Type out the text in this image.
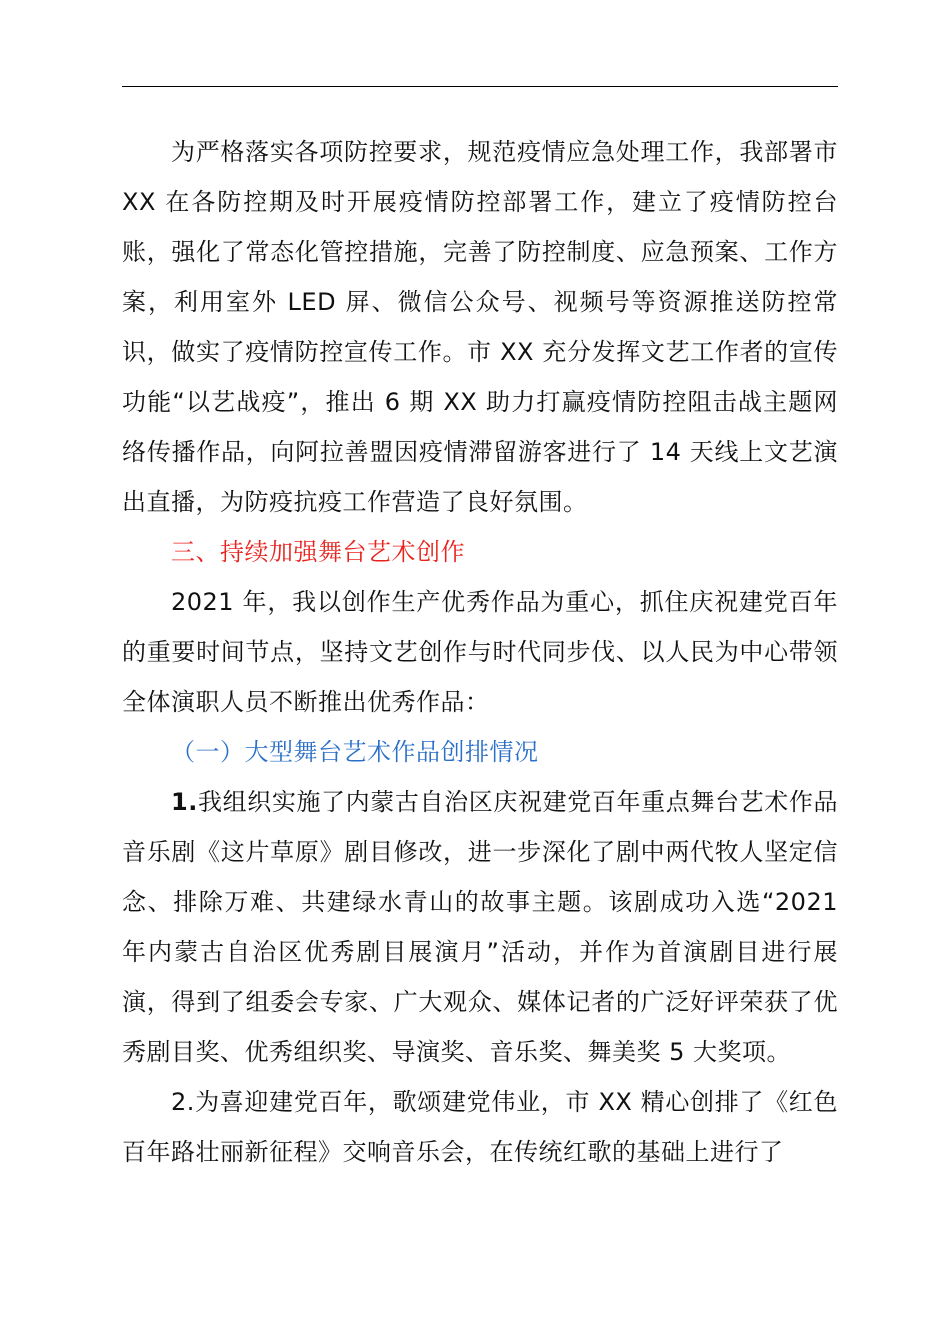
为严格落实各项防控要求，规范疫情应急处理工作，我部署市 XX 在各防控期及时开展疫情防控部署工作，建立了疫情防控台账，强化了常态化管控措施，完善了防控制度、应急预案、工作方案，利用室外 LED 屏、微信公众号、视频号等资源推送防控常识，做实了疫情防控宣传工作。市 XX 充分发挥文艺工作者的宣传功能“以艺战疫”，推出 6 期 XX 助力打赢疫情防控阻击战主题网络传播作品，向阿拉善盟因疫情滞留游客进行了 14 天线上文艺演出直播，为防疫抗疫工作营造了良好氛围。

三、持续加强舞台艺术创作

2021 年，我以创作生产优秀作品为重心，抓住庆祝建党百年的重要时间节点，坚持文艺创作与时代同步伐、以人民为中心带领全体演职人员不断推出优秀作品：

（一）大型舞台艺术作品创排情况

1.我组织实施了内蒙古自治区庆祝建党百年重点舞台艺术作品音乐剧《这片草原》剧目修改，进一步深化了剧中两代牧人坚定信念、排除万难、共建绿水青山的故事主题。该剧成功入选“2021 年内蒙古自治区优秀剧目展演月”活动，并作为首演剧目进行展演，得到了组委会专家、广大观众、媒体记者的广泛好评荣获了优秀剧目奖、优秀组织奖、导演奖、音乐奖、舞美奖 5 大奖项。

2.为喜迎建党百年，歌颂建党伟业，市 XX 精心创排了《红色百年路壮丽新征程》交响音乐会，在传统红歌的基础上进行了
